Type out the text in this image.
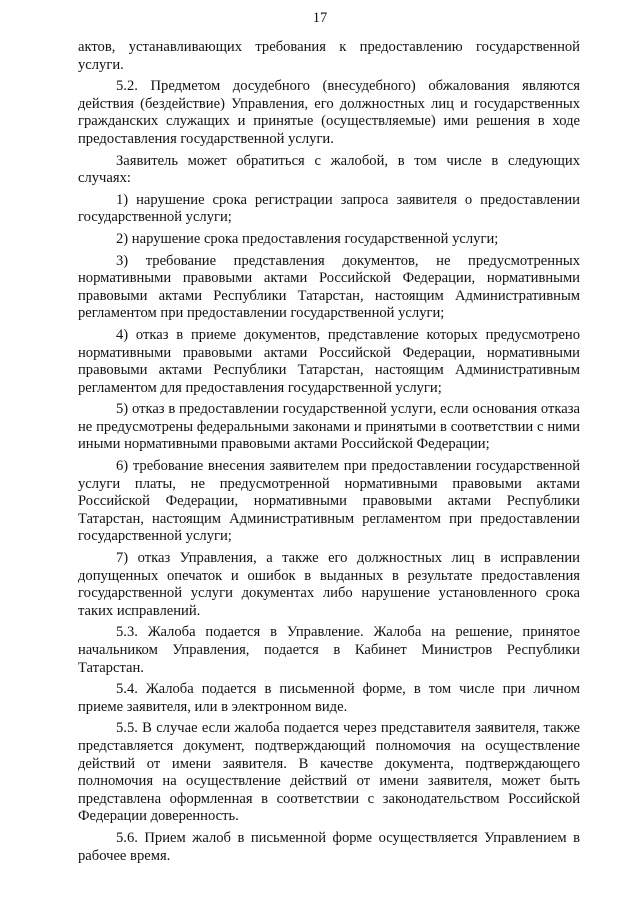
17

актов, устанавливающих требования к предоставлению государственной услуги.

5.2. Предметом досудебного (внесудебного) обжалования являются действия (бездействие) Управления, его должностных лиц и государственных гражданских служащих и принятые (осуществляемые) ими решения в ходе предоставления государственной услуги.

Заявитель может обратиться с жалобой, в том числе в следующих случаях:

1) нарушение срока регистрации запроса заявителя о предоставлении государственной услуги;

2) нарушение срока предоставления государственной услуги;

3) требование представления документов, не предусмотренных нормативными правовыми актами Российской Федерации, нормативными правовыми актами Республики Татарстан, настоящим Административным регламентом при предоставлении государственной услуги;

4) отказ в приеме документов, представление которых предусмотрено нормативными правовыми актами Российской Федерации, нормативными правовыми актами Республики Татарстан, настоящим Административным регламентом для предоставления государственной услуги;

5) отказ в предоставлении государственной услуги, если основания отказа не предусмотрены федеральными законами и принятыми в соответствии с ними иными нормативными правовыми актами Российской Федерации;

6) требование внесения заявителем при предоставлении государственной услуги платы, не предусмотренной нормативными правовыми актами Российской Федерации, нормативными правовыми актами Республики Татарстан, настоящим Административным регламентом при предоставлении государственной услуги;

7) отказ Управления, а также его должностных лиц в исправлении допущенных опечаток и ошибок в выданных в результате предоставления государственной услуги документах либо нарушение установленного срока таких исправлений.

5.3. Жалоба подается в Управление. Жалоба на решение, принятое начальником Управления, подается в Кабинет Министров Республики Татарстан.

5.4. Жалоба подается в письменной форме, в том числе при личном приеме заявителя, или в электронном виде.

5.5. В случае если жалоба подается через представителя заявителя, также представляется документ, подтверждающий полномочия на осуществление действий от имени заявителя. В качестве документа, подтверждающего полномочия на осуществление действий от имени заявителя, может быть представлена оформленная в соответствии с законодательством Российской Федерации доверенность.

5.6. Прием жалоб в письменной форме осуществляется Управлением в рабочее время.
